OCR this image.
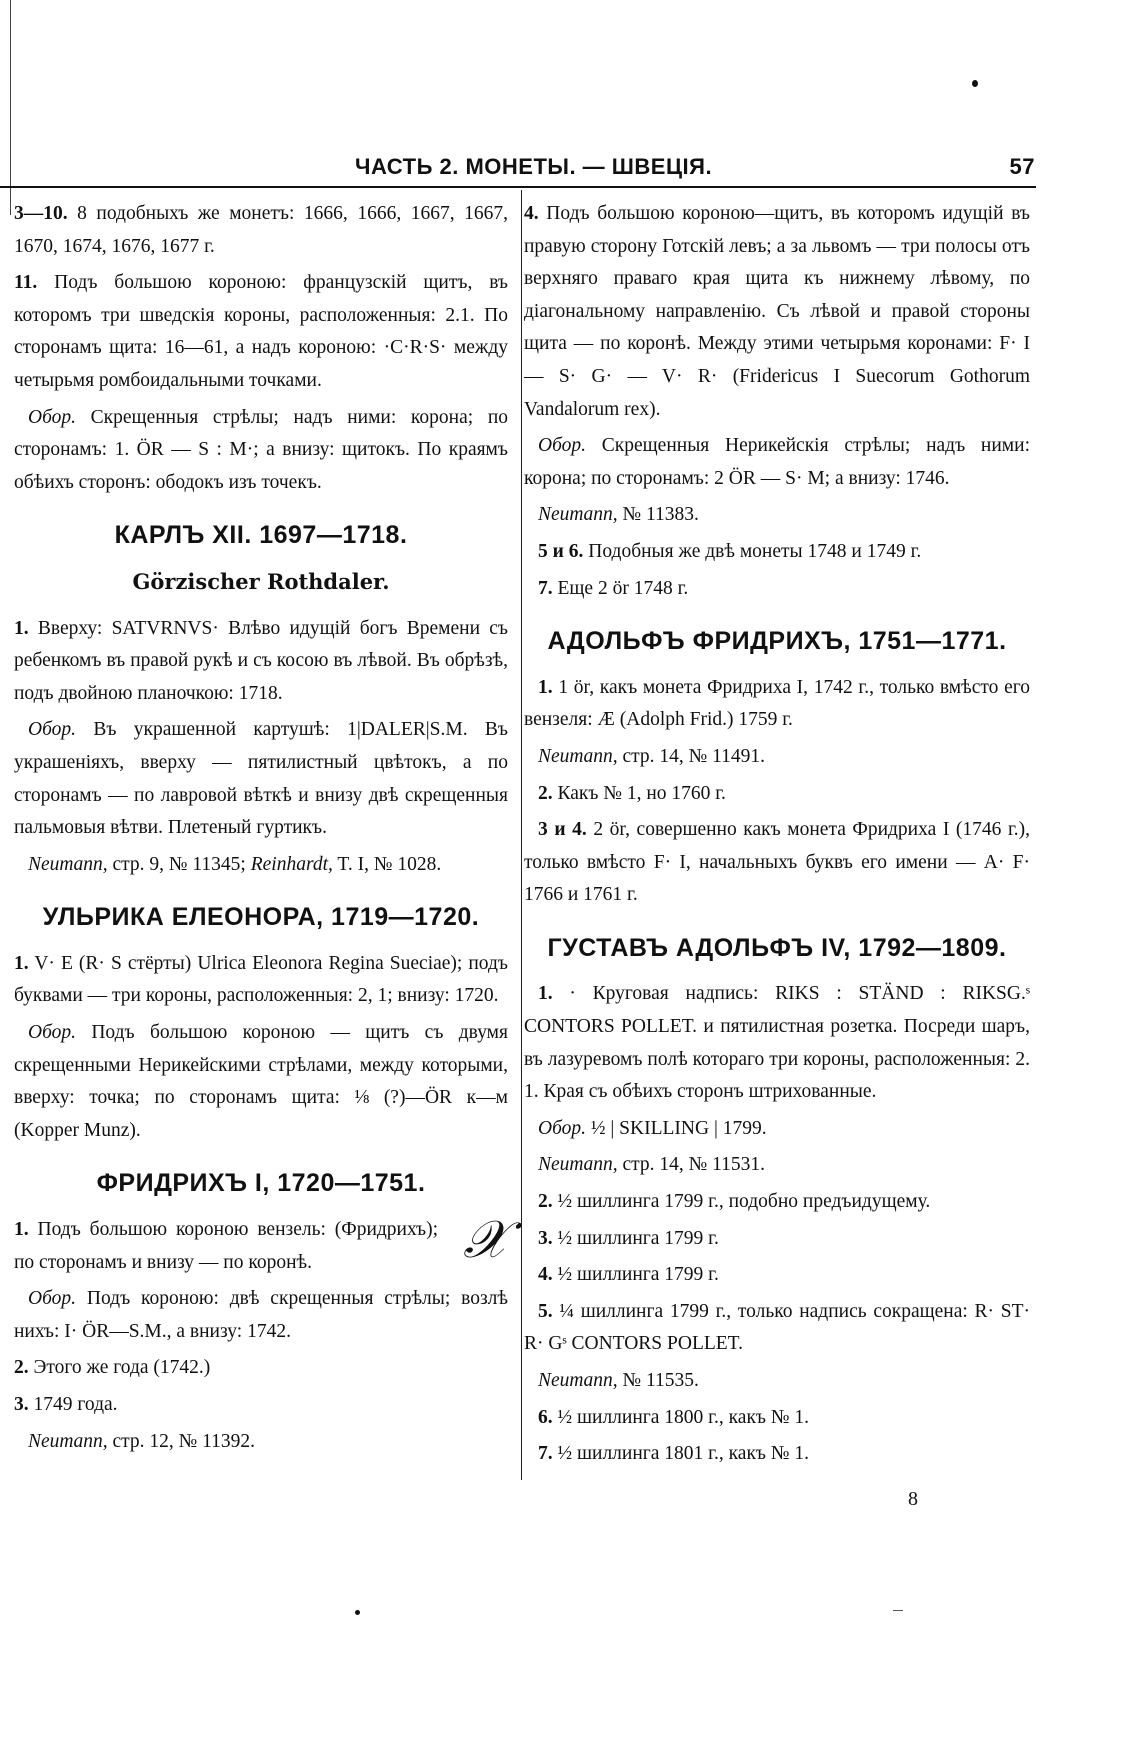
ЧАСТЬ 2. МОНЕТЫ. — ШВЕЦІЯ.	57

3—10. 8 подобныхъ же монетъ: 1666, 1666, 1667, 1667, 1670, 1674, 1676, 1677 г.

11. Подъ большою короною: французскій щитъ, въ которомъ три шведскія короны, расположенныя: 2.1. По сторонамъ щита: 16—61, а надъ короною: ·C·R·S· между четырьмя ромбоидальными точками.

Обор. Скрещенныя стрѣлы; надъ ними: корона; по сторонамъ: 1. ÖR — S : M·; а внизу: щитокъ. По краямъ обѣихъ сторонъ: ободокъ изъ точекъ.

КАРЛЪ XII. 1697—1718.
Görzischer Rothdaler.

1. Вверху: SATVRNVS· Влѣво идущій богъ Времени съ ребенкомъ въ правой рукѣ и съ косою въ лѣвой. Въ обрѣзѣ, подъ двойною планочкою: 1718.

Обор. Въ украшенной картушѣ: 1|DALER|S.M. Въ украшеніяхъ, вверху — пятилистный цвѣтокъ, а по сторонамъ — по лавровой вѣткѣ и внизу двѣ скрещенныя пальмовыя вѣтви. Плетеный гуртикъ.

Neumann, стр. 9, № 11345; Reinhardt, T. I, № 1028.

УЛЬРИКА ЕЛЕОНОРА, 1719—1720.

1. V· E (R· S стёрты) Ulrica Eleonora Regina Sueciae); подъ буквами — три короны, расположенныя: 2, 1; внизу: 1720.

Обор. Подъ большою короною — щитъ съ двумя скрещенными Нерикейскими стрѣлами, между которыми, вверху: точка; по сторонамъ щита: ⅛ (?)—ÖR к—м (Kopper Munz).

ФРИДРИХЪ I, 1720—1751.
𝒳

1. Подъ большою короною вензель: (Фридрихъ); по сторонамъ и внизу — по коронѣ.

Обор. Подъ короною: двѣ скрещенныя стрѣлы; возлѣ нихъ: I· ÖR—S.M., а внизу: 1742.

2. Этого же года (1742.)

3. 1749 года.

Neumann, стр. 12, № 11392.

4. Подъ большою короною—щитъ, въ которомъ идущій въ правую сторону Готскій левъ; а за львомъ — три полосы отъ верхняго праваго края щита къ нижнему лѣвому, по діагональному направленію. Съ лѣвой и правой стороны щита — по коронѣ. Между этими четырьмя коронами: F· I — S· G· — V· R· (Fridericus I Suecorum Gothorum Vandalorum rex).

Обор. Скрещенныя Нерикейскія стрѣлы; надъ ними: корона; по сторонамъ: 2 ÖR — S· M; а внизу: 1746.

Neumann, № 11383.

5 и 6. Подобныя же двѣ монеты 1748 и 1749 г.

7. Еще 2 ör 1748 г.

АДОЛЬФЪ ФРИДРИХЪ, 1751—1771.

1. 1 ör, какъ монета Фридриха I, 1742 г., только вмѣсто его вензеля: Æ (Adolph Frid.) 1759 г.

Neumann, стр. 14, № 11491.

2. Какъ № 1, но 1760 г.

3 и 4. 2 ör, совершенно какъ монета Фридриха I (1746 г.), только вмѣсто F· I, начальныхъ буквъ его имени — A· F· 1766 и 1761 г.

ГУСТАВЪ АДОЛЬФЪ IV, 1792—1809.

1. · Круговая надпись: RIKS : STÄND : RIKSG.ˢ CONTORS POLLET. и пятилистная розетка. Посреди шаръ, въ лазуревомъ полѣ котораго три короны, расположенныя: 2. 1. Края съ обѣихъ сторонъ штрихованные.

Обор. ½ | SKILLING | 1799.

Neumann, стр. 14, № 11531.

2. ½ шиллинга 1799 г., подобно предъидущему.

3. ½ шиллинга 1799 г.

4. ½ шиллинга 1799 г.

5. ¼ шиллинга 1799 г., только надпись сокращена: R· ST· R· Gˢ CONTORS POLLET.

Neumann, № 11535.

6. ½ шиллинга 1800 г., какъ № 1.

7. ½ шиллинга 1801 г., какъ № 1.

8
